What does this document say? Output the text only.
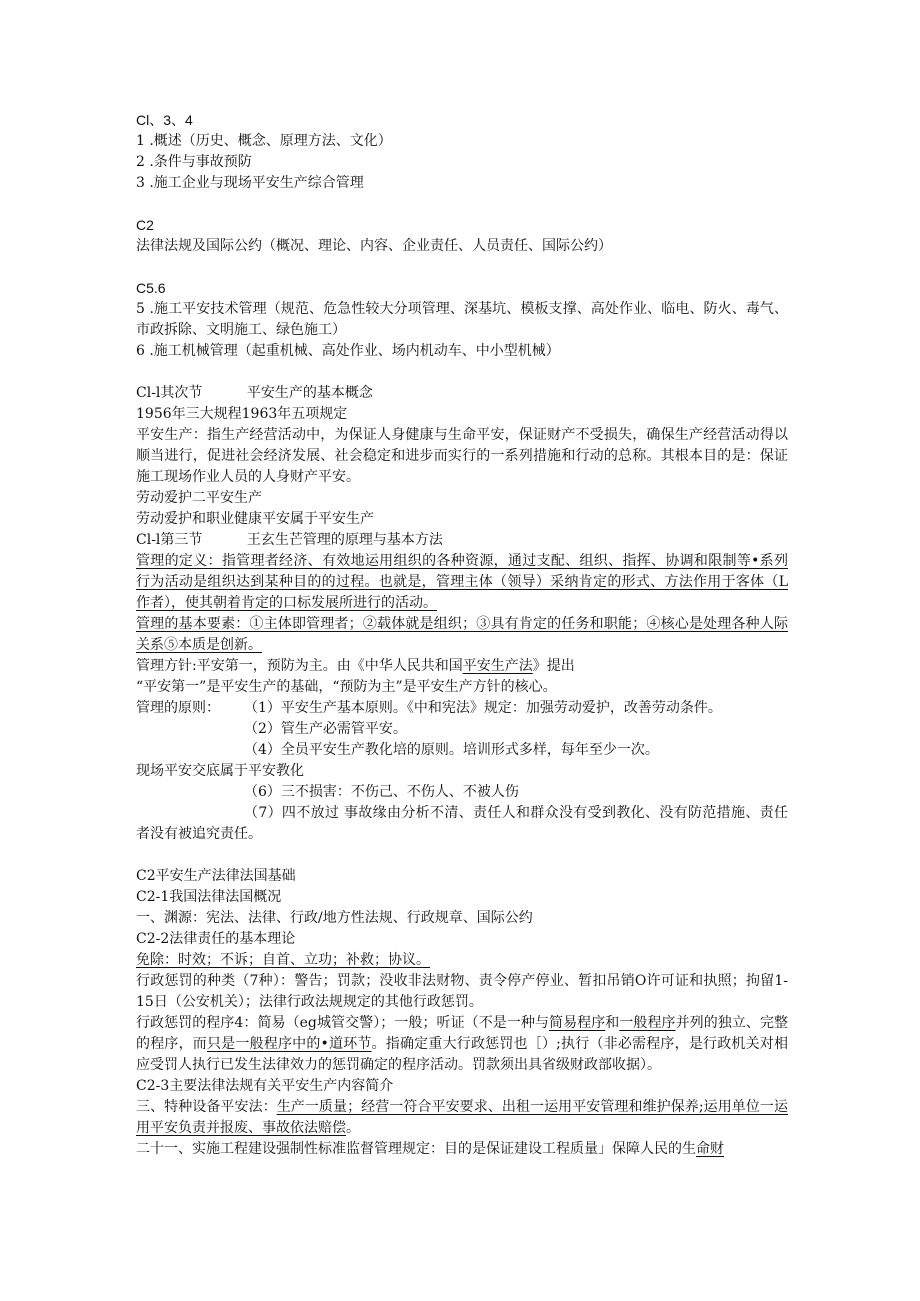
Cl、3、4

1 .概述（历史、概念、原理方法、文化）

2 .条件与事故预防

3 .施工企业与现场平安生产综合管理

C2

法律法规及国际公约（概况、理论、内容、企业责任、人员责任、国际公约）

C5.6

5 .施工平安技术管理（规范、危急性较大分项管理、深基坑、模板支撑、高处作业、临电、防火、毒气、市政拆除、文明施工、绿色施工）

6 .施工机械管理（起重机械、高处作业、场内机动车、中小型机械）

Cl-l其次节          平安生产的基本概念

1956年三大规程1963年五项规定

平安生产：指生产经营活动中，为保证人身健康与生命平安，保证财产不受损失，确保生产经营活动得以顺当进行，促进社会经济发展、社会稳定和进步而实行的一系列措施和行动的总称。其根本目的是：保证施工现场作业人员的人身财产平安。

劳动爱护二平安生产

劳动爱护和职业健康平安属于平安生产

Cl-l第三节          王玄生芒管理的原理与基本方法

管理的定义：指管理者经济、有效地运用组织的各种资源，通过支配、组织、指挥、协调和限制等•系列行为活动是组织达到某种目的的过程。也就是，管理主体（领导）采纳肯定的形式、方法作用于客体（L作者），使其朝着肯定的口标发展所进行的活动。

管理的基本要素：①主体即管理者；②载体就是组织；③具有肯定的任务和职能；④核心是处理各种人际关系⑤本质是创新。

管理方针:平安第一，预防为主。由《中华人民共和国平安生产法》提出

“平安第一”是平安生产的基础，“预防为主”是平安生产方针的核心。

管理的原则： （1）平安生产基本原则。《中和宪法》规定：加强劳动爱护，改善劳动条件。

（2）管生产必需管平安。

（4）全员平安生产教化培的原则。培训形式多样，每年至少一次。

现场平安交底属于平安教化

（6）三不损害：不伤己、不伤人、不被人伤

（7）四不放过 事故缘由分析不清、责任人和群众没有受到教化、没有防范措施、责任者没有被追究责任。

C2平安生产法律法国基础

C2-1我国法律法国概况

一、渊源：宪法、法律、行政/地方性法规、行政规章、国际公约

C2-2法律责任的基本理论

免除：时效；不诉；自首、立功；补救；协议。

行政惩罚的种类（7种）：警告；罚款；没收非法财物、责令停产停业、暂扣吊销O许可证和执照；拘留1-15日（公安机关）；法律行政法规规定的其他行政惩罚。

行政惩罚的程序4：简易（eg城管交警）；一般；听证（不是一种与简易程序和一般程序并列的独立、完整的程序，而只是一般程序中的•道环节。指确定重大行政惩罚也［）;执行（非必需程序，是行政机关对相应受罚人执行已发生法律效力的惩罚确定的程序活动。罚款须出具省级财政部收据）。

C2-3主要法律法规有关平安生产内容简介

三、特种设备平安法：生产一质量；经营一符合平安要求、出租一运用平安管理和维护保养;运用单位一运用平安负责并报废、事故依法赔偿。

二十一、实施工程建设强制性标准监督管理规定：目的是保证建设工程质量」保障人民的生命财
